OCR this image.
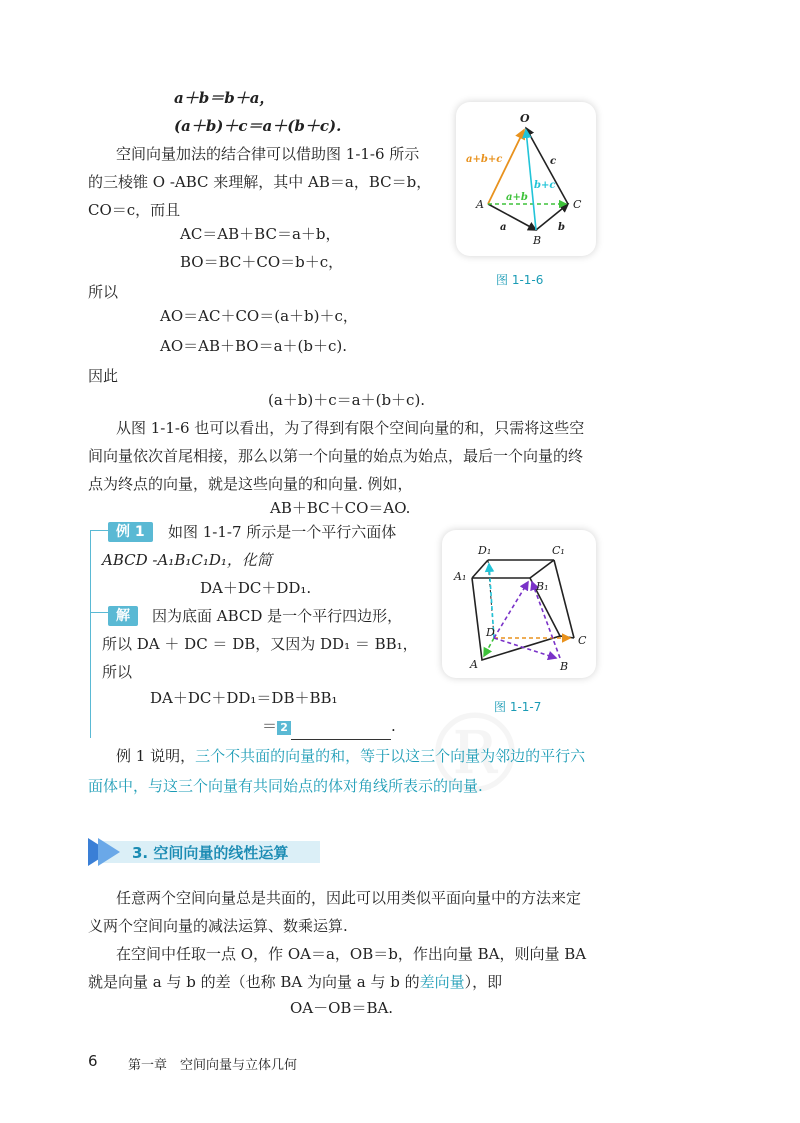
a＋b＝b＋a，
(a＋b)＋c＝a＋(b＋c).
空间向量加法的结合律可以借助图 1-1-6 所示
的三棱锥 O -ABC 来理解，其中 AB＝a，BC＝b，
CO＝c，而且
AC＝AB＋BC＝a＋b，
BO＝BC＋CO＝b＋c，
所以
AO＝AC＋CO＝(a＋b)＋c，
AO＝AB＋BO＝a＋(b＋c).
因此
(a＋b)＋c＝a＋(b＋c).
从图 1-1-6 也可以看出，为了得到有限个空间向量的和，只需将这些空
间向量依次首尾相接，那么以第一个向量的始点为始点，最后一个向量的终
点为终点的向量，就是这些向量的和向量. 例如，
AB＋BC＋CO＝AO.
O
A
B
C
a+b+c
a+b
b+c
a	b
c
图 1-1-6
例 1	如图 1-1-7 所示是一个平行六面体
ABCD -A₁B₁C₁D₁，化简
DA＋DC＋DD₁.
解	因为底面 ABCD 是一个平行四边形，
所以 DA ＋ DC ＝ DB，又因为 DD₁ ＝ BB₁，
所以
DA＋DC＋DD₁＝DB＋BB₁
＝ 2	.
D₁	C₁
A₁
B₁
D
C
A	B
图 1-1-7
例 1 说明，三个不共面的向量的和，等于以这三个向量为邻边的平行六
面体中，与这三个向量有共同始点的体对角线所表示的向量.
3. 空间向量的线性运算
任意两个空间向量总是共面的，因此可以用类似平面向量中的方法来定
义两个空间向量的减法运算、数乘运算.
在空间中任取一点 O，作 OA＝a，OB＝b，作出向量 BA，则向量 BA
就是向量 a 与 b 的差（也称 BA 为向量 a 与 b 的差向量），即
OA－OB＝BA.
6 第一章　空间向量与立体几何
